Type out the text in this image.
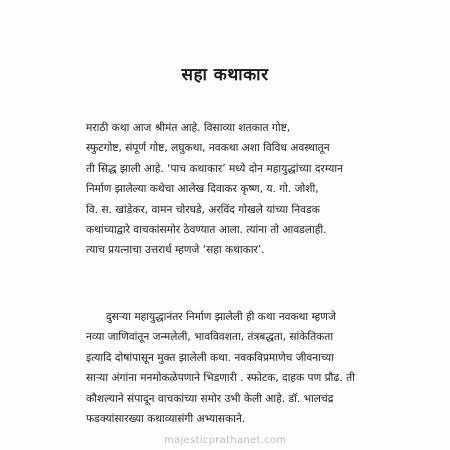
सहा कथाकार
मराठी कथा आज श्रीमंत आहे. विसाव्या शतकात गोष्ट,
स्फुटगोष्ट, संपूर्ण गोष्ट, लघुकथा, नवकथा अशा विविध अवस्थातून
ती सिद्ध झाली आहे. ‘पाच कथाकार’ मध्ये दोन महायुद्धांच्या दरम्यान
निर्माण झालेल्या कथेचा आलेख दिवाकर कृष्ण, य. गो. जोशी,
वि. स. खांडेकर, वामन चोरघडे, अरविंद गोखले यांच्या निवडक
कथांच्याद्वारे वाचकांसमोर ठेवण्यात आला. त्यांना तो आवडलाही.
त्याच प्रयत्नाचा उत्तरार्ध म्हणजे ‘सहा कथाकार’.
दुसऱ्या महायुद्धानंतर निर्माण झालेली ही कथा नवकथा म्हणजे
नव्या जाणिवांतून जन्मलेली, भावविवशता, तंत्रबद्धता, सांकेतिकता
इत्यादि दोषांपासून मुक्त झालेली कथा. नवकविप्रमाणेच जीवनाच्या
साऱ्या अंगांना मनमोकळेपणाने भिडणारी . स्फोटक, दाहक पण प्रौढ. ती
कौशल्याने संपादून वाचकांच्या समोर उभी केली आहे. डॉ. भालचंद्र
फडक्यांसारख्या कथाव्यासंगी अभ्यासकाने.
majesticprathanet.com
